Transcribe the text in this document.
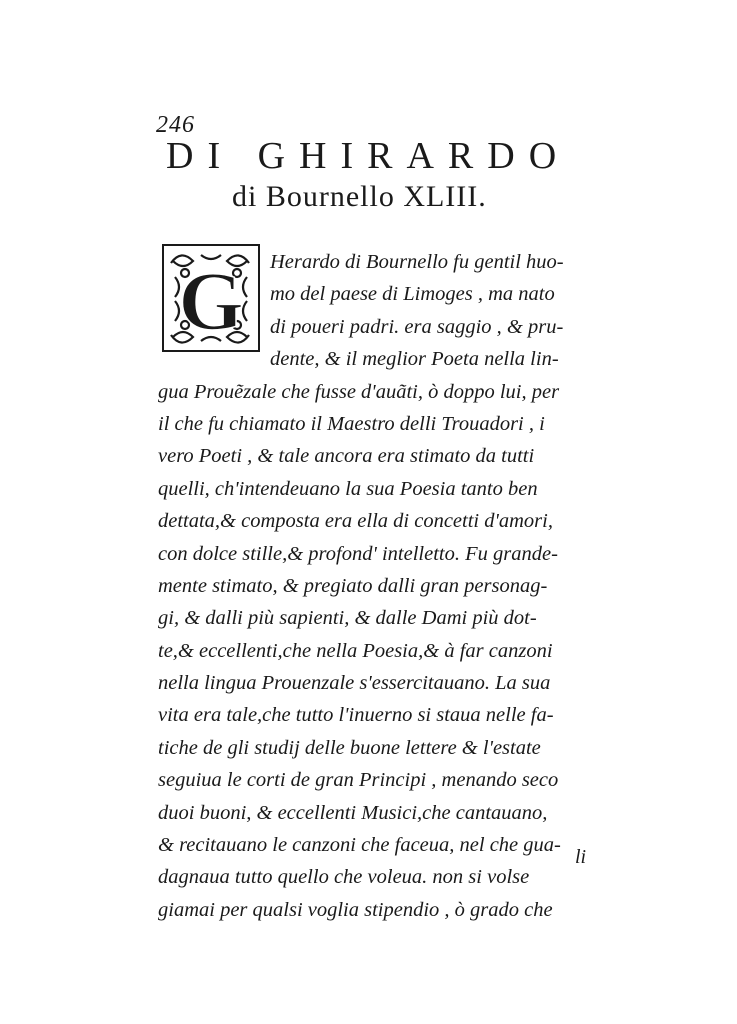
246
DI GHIRARDO
di Bournello XLIII.
G	Herardo di Bournello fu gentil huo-
mo del paese di Limoges , ma nato
di poueri padri. era saggio , & pru-
dente, & il meglior Poeta nella lin-
gua Prouẽzale che fusse d'auãti, ò doppo lui, per
il che fu chiamato il Maestro delli Trouadori , i
vero Poeti , & tale ancora era stimato da tutti
quelli, ch'intendeuano la sua Poesia tanto ben
dettata,& composta era ella di concetti d'amori,
con dolce stille,& profond' intelletto. Fu grande-
mente stimato, & pregiato dalli gran personag-
gi, & dalli più sapienti, & dalle Dami più dot-
te,& eccellenti,che nella Poesia,& à far canzoni
nella lingua Prouenzale s'essercitauano. La sua
vita era tale,che tutto l'inuerno si staua nelle fa-
tiche de gli studij delle buone lettere & l'estate
seguiua le corti de gran Principi , menando seco
duoi buoni, & eccellenti Musici,che cantauano,
& recitauano le canzoni che faceua, nel che gua-
dagnaua tutto quello che voleua. non si volse
giamai per qualsi voglia stipendio , ò grado che
li
